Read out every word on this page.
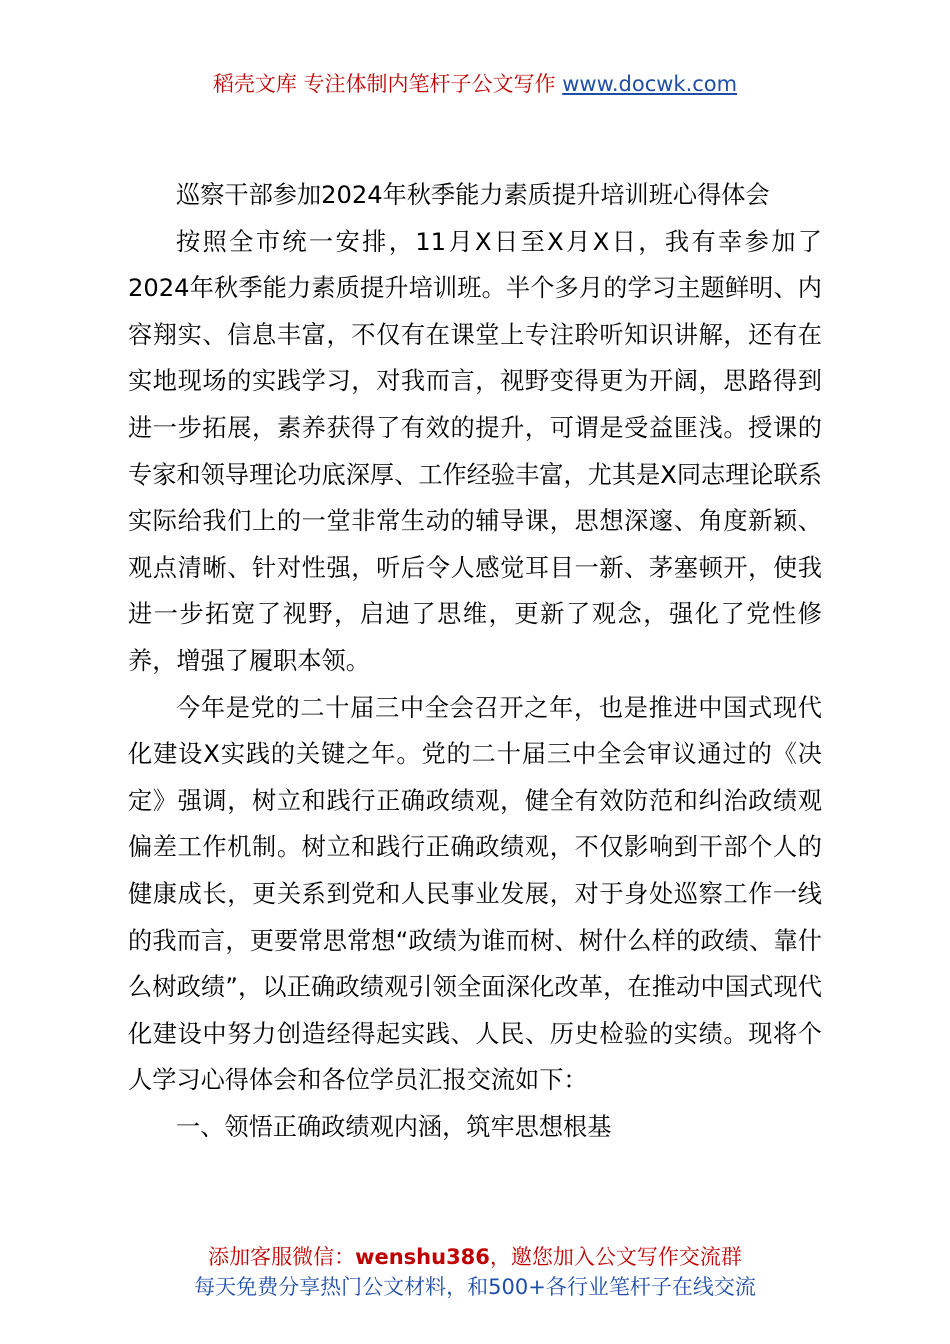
稻壳文库 专注体制内笔杆子公文写作 www.docwk.com

巡察干部参加2024年秋季能力素质提升培训班心得体会

按照全市统一安排，11月X日至X月X日，我有幸参加了2024年秋季能力素质提升培训班。半个多月的学习主题鲜明、内容翔实、信息丰富，不仅有在课堂上专注聆听知识讲解，还有在实地现场的实践学习，对我而言，视野变得更为开阔，思路得到进一步拓展，素养获得了有效的提升，可谓是受益匪浅。授课的专家和领导理论功底深厚、工作经验丰富，尤其是X同志理论联系实际给我们上的一堂非常生动的辅导课，思想深邃、角度新颖、观点清晰、针对性强，听后令人感觉耳目一新、茅塞顿开，使我进一步拓宽了视野，启迪了思维，更新了观念，强化了党性修养，增强了履职本领。

今年是党的二十届三中全会召开之年，也是推进中国式现代化建设X实践的关键之年。党的二十届三中全会审议通过的《决定》强调，树立和践行正确政绩观，健全有效防范和纠治政绩观偏差工作机制。树立和践行正确政绩观，不仅影响到干部个人的健康成长，更关系到党和人民事业发展，对于身处巡察工作一线的我而言，更要常思常想“政绩为谁而树、树什么样的政绩、靠什么树政绩”，以正确政绩观引领全面深化改革，在推动中国式现代化建设中努力创造经得起实践、人民、历史检验的实绩。现将个人学习心得体会和各位学员汇报交流如下：

一、领悟正确政绩观内涵，筑牢思想根基

添加客服微信：wenshu386，邀您加入公文写作交流群
每天免费分享热门公文材料，和500+各行业笔杆子在线交流
